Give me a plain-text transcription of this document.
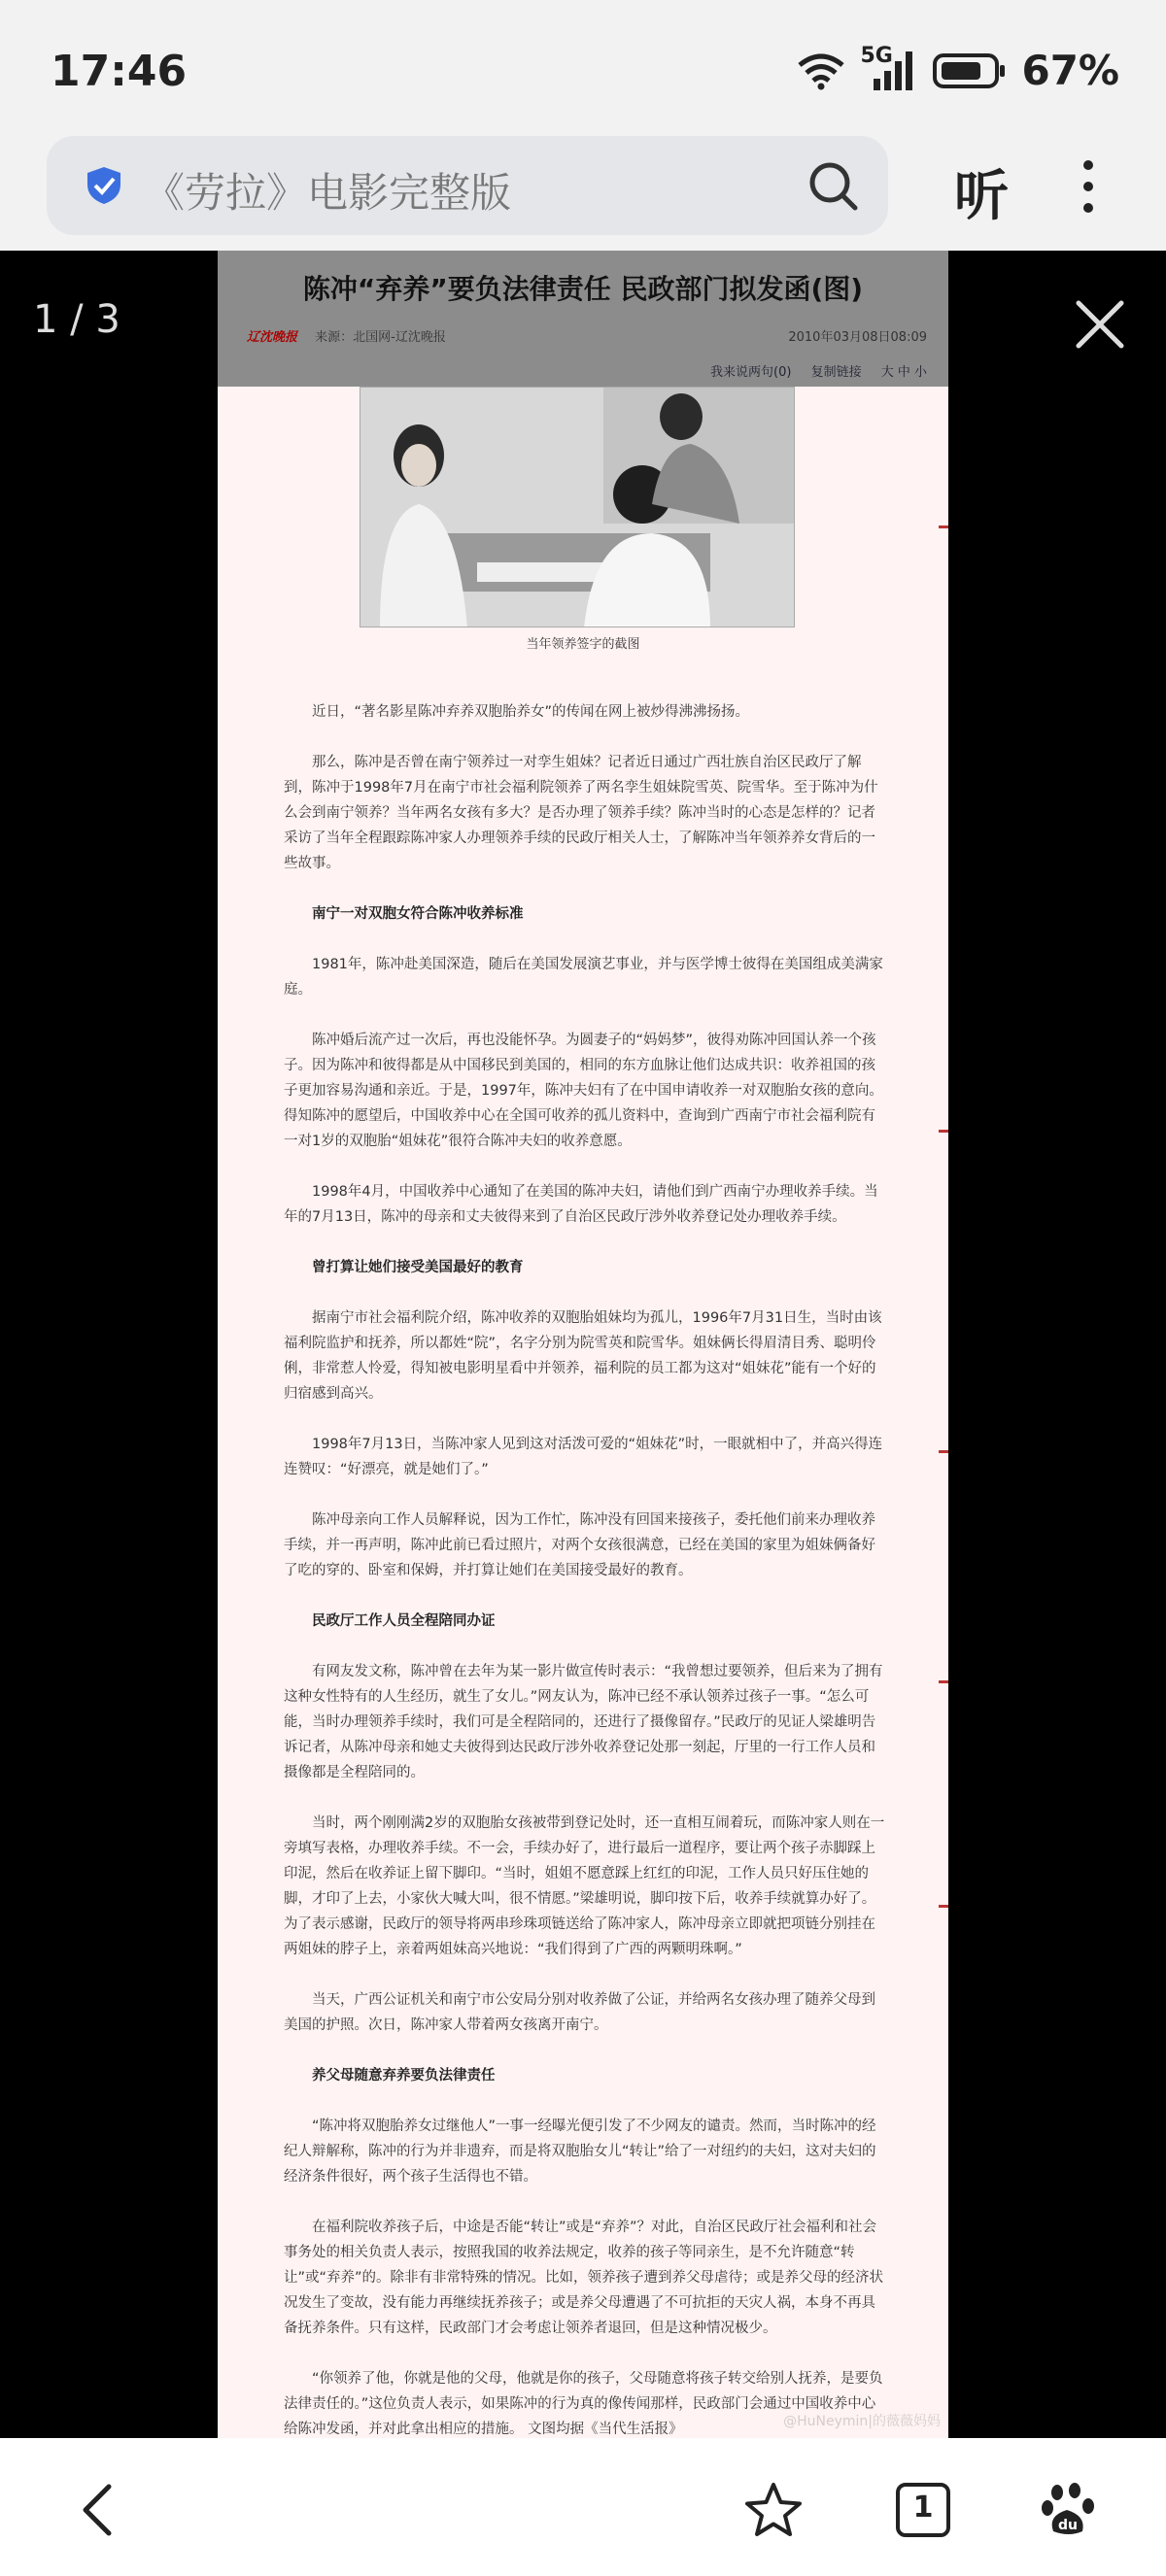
17:46	5G	67%
《劳拉》电影完整版	听
1 / 3
陈冲“弃养”要负法律责任 民政部门拟发函(图)
辽沈晚报 来源：北国网-辽沈晚报	2010年03月08日08:09
我来说两句(0) 复制链接 大 中 小
当年领养签字的截图
近日，“著名影星陈冲弃养双胞胎养女”的传闻在网上被炒得沸沸扬扬。
那么，陈冲是否曾在南宁领养过一对孪生姐妹？记者近日通过广西壮族自治区民政厅了解到，陈冲于1998年7月在南宁市社会福利院领养了两名孪生姐妹院雪英、院雪华。至于陈冲为什么会到南宁领养？当年两名女孩有多大？是否办理了领养手续？陈冲当时的心态是怎样的？记者采访了当年全程跟踪陈冲家人办理领养手续的民政厅相关人士，了解陈冲当年领养养女背后的一些故事。
南宁一对双胞女符合陈冲收养标准
1981年，陈冲赴美国深造，随后在美国发展演艺事业，并与医学博士彼得在美国组成美满家庭。
陈冲婚后流产过一次后，再也没能怀孕。为圆妻子的“妈妈梦”，彼得劝陈冲回国认养一个孩子。因为陈冲和彼得都是从中国移民到美国的，相同的东方血脉让他们达成共识：收养祖国的孩子更加容易沟通和亲近。于是，1997年，陈冲夫妇有了在中国申请收养一对双胞胎女孩的意向。得知陈冲的愿望后，中国收养中心在全国可收养的孤儿资料中，查询到广西南宁市社会福利院有一对1岁的双胞胎“姐妹花”很符合陈冲夫妇的收养意愿。
1998年4月，中国收养中心通知了在美国的陈冲夫妇，请他们到广西南宁办理收养手续。当年的7月13日，陈冲的母亲和丈夫彼得来到了自治区民政厅涉外收养登记处办理收养手续。
曾打算让她们接受美国最好的教育
据南宁市社会福利院介绍，陈冲收养的双胞胎姐妹均为孤儿，1996年7月31日生，当时由该福利院监护和抚养，所以都姓“院”，名字分别为院雪英和院雪华。姐妹俩长得眉清目秀、聪明伶俐，非常惹人怜爱，得知被电影明星看中并领养，福利院的员工都为这对“姐妹花”能有一个好的归宿感到高兴。
1998年7月13日，当陈冲家人见到这对活泼可爱的“姐妹花”时，一眼就相中了，并高兴得连连赞叹：“好漂亮，就是她们了。”
陈冲母亲向工作人员解释说，因为工作忙，陈冲没有回国来接孩子，委托他们前来办理收养手续，并一再声明，陈冲此前已看过照片，对两个女孩很满意，已经在美国的家里为姐妹俩备好了吃的穿的、卧室和保姆，并打算让她们在美国接受最好的教育。
民政厅工作人员全程陪同办证
有网友发文称，陈冲曾在去年为某一影片做宣传时表示：“我曾想过要领养，但后来为了拥有这种女性特有的人生经历，就生了女儿。”网友认为，陈冲已经不承认领养过孩子一事。“怎么可能，当时办理领养手续时，我们可是全程陪同的，还进行了摄像留存。”民政厅的见证人梁雄明告诉记者，从陈冲母亲和她丈夫彼得到达民政厅涉外收养登记处那一刻起，厅里的一行工作人员和摄像都是全程陪同的。
当时，两个刚刚满2岁的双胞胎女孩被带到登记处时，还一直相互闹着玩，而陈冲家人则在一旁填写表格，办理收养手续。不一会，手续办好了，进行最后一道程序，要让两个孩子赤脚踩上印泥，然后在收养证上留下脚印。“当时，姐姐不愿意踩上红红的印泥，工作人员只好压住她的脚，才印了上去，小家伙大喊大叫，很不情愿。”梁雄明说，脚印按下后，收养手续就算办好了。为了表示感谢，民政厅的领导将两串珍珠项链送给了陈冲家人，陈冲母亲立即就把项链分别挂在两姐妹的脖子上，亲着两姐妹高兴地说：“我们得到了广西的两颗明珠啊。”
当天，广西公证机关和南宁市公安局分别对收养做了公证，并给两名女孩办理了随养父母到美国的护照。次日，陈冲家人带着两女孩离开南宁。
养父母随意弃养要负法律责任
“陈冲将双胞胎养女过继他人”一事一经曝光便引发了不少网友的谴责。然而，当时陈冲的经纪人辩解称，陈冲的行为并非遗弃，而是将双胞胎女儿“转让”给了一对纽约的夫妇，这对夫妇的经济条件很好，两个孩子生活得也不错。
在福利院收养孩子后，中途是否能“转让”或是“弃养”？对此，自治区民政厅社会福利和社会事务处的相关负责人表示，按照我国的收养法规定，收养的孩子等同亲生，是不允许随意“转让”或“弃养”的。除非有非常特殊的情况。比如，领养孩子遭到养父母虐待；或是养父母的经济状况发生了变故，没有能力再继续抚养孩子；或是养父母遭遇了不可抗拒的天灾人祸，本身不再具备抚养条件。只有这样，民政部门才会考虑让领养者退回，但是这种情况极少。
“你领养了他，你就是他的父母，他就是你的孩子，父母随意将孩子转交给别人抚养，是要负法律责任的。”这位负责人表示，如果陈冲的行为真的像传闻那样，民政部门会通过中国收养中心给陈冲发函，并对此拿出相应的措施。 文图均据《当代生活报》	@HuNeymin|的薇薇妈妈
1
du
